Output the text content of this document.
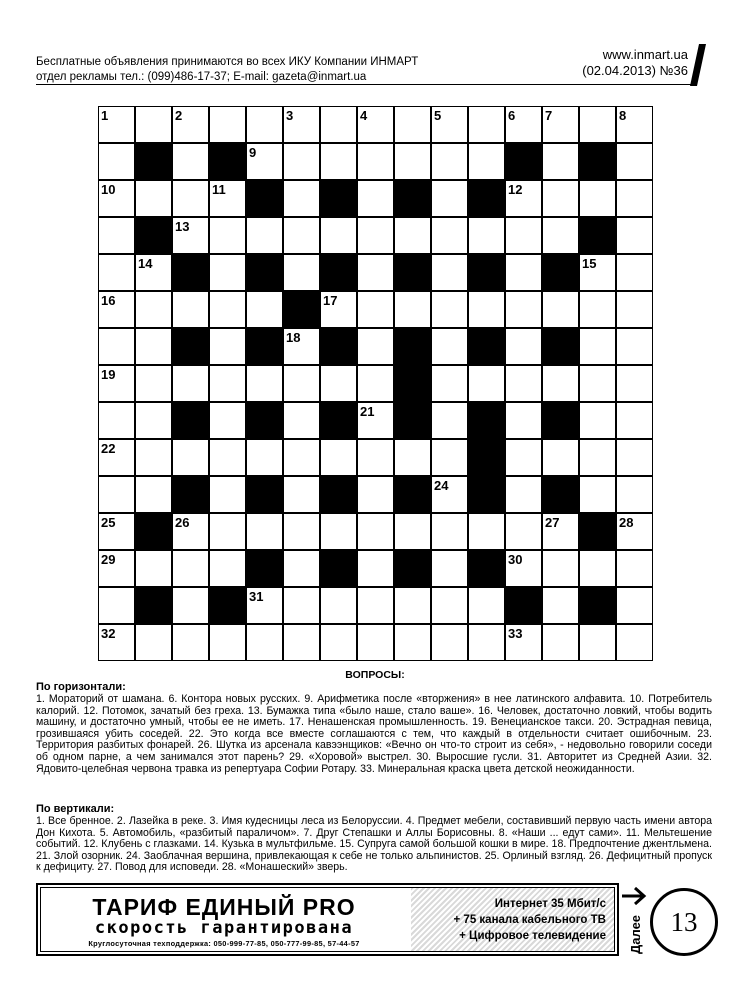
Бесплатные объявления принимаются во всех ИКУ Компании ИНМАРТ
отдел рекламы тел.: (099)486-17-37; E-mail: gazeta@inmart.ua
www.inmart.ua
(02.04.2013) №36
1	2	3	4	5	6 7	8
9
10	11	12
13
14	15
16	17
18
19	20
21
22	23
24
25	26	27	28
29	30
31
32	33
ВОПРОСЫ:
По горизонтали:
1. Мораторий от шамана. 6. Контора новых русских. 9. Арифметика после «вторжения» в нее латинского алфавита. 10. Потребитель калорий. 12. Потомок, зачатый без греха. 13. Бумажка типа «было наше, стало ваше». 16. Человек, достаточно ловкий, чтобы водить машину, и достаточно умный, чтобы ее не иметь. 17. Ненашенская промышленность. 19. Венецианское такси. 20. Эстрадная певица, грозившаяся убить соседей. 22. Это когда все вместе соглашаются с тем, что каждый в отдельности считает ошибочным. 23. Территория разбитых фонарей. 26. Шутка из арсенала кавээнщиков: «Вечно он что-то строит из себя», - недовольно говорили соседи об одном парне, а чем занимался этот парень? 29. «Хоровой» выстрел. 30. Выросшие гусли. 31. Авторитет из Средней Азии. 32. Ядовито-целебная червона травка из репертуара Софии Ротару. 33. Минеральная краска цвета детской неожиданности.
По вертикали:
1. Все бренное. 2. Лазейка в реке. 3. Имя кудесницы леса из Белоруссии. 4. Предмет мебели, составивший первую часть имени автора Дон Кихота. 5. Автомобиль, «разбитый параличом». 7. Друг Степашки и Аллы Борисовны. 8. «Наши ... едут сами». 11. Мельтешение событий. 12. Клубень с глазками. 14. Кузька в мультфильме. 15. Супруга самой большой кошки в мире. 18. Предпочтение джентльмена. 21. Злой озорник. 24. Заоблачная вершина, привлекающая к себе не только альпинистов. 25. Орлиный взгляд. 26. Дефицитный пропуск к дефициту. 27. Повод для исповеди. 28. «Монашеский» зверь.
ТАРИФ ЕДИНЫЙ PRO
скорость гарантирована
Круглосуточная техподдержка: 050-999-77-85, 050-777-99-85, 57-44-57
Интернет 35 Мбит/с
+ 75 канала кабельного ТВ
+ Цифровое телевидение Далее	13
